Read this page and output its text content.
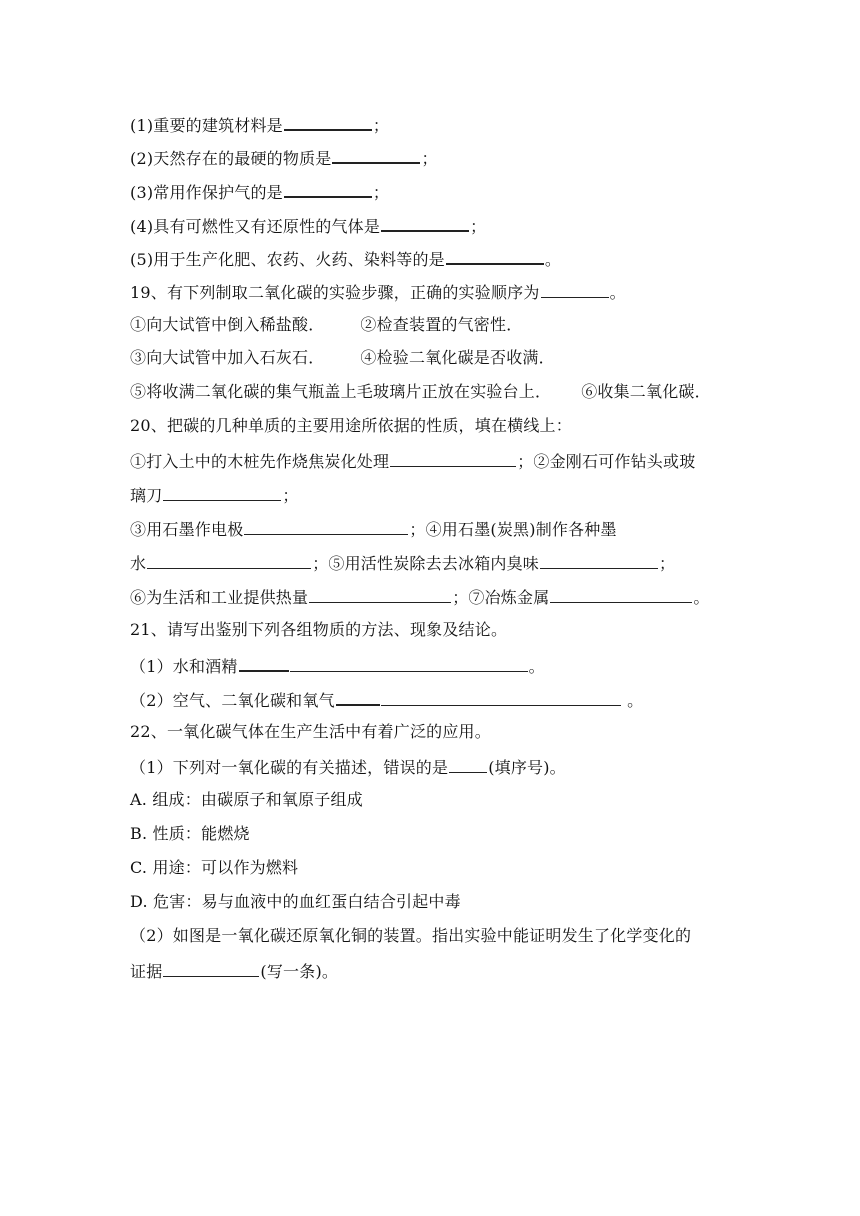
(1)重要的建筑材料是	；
(2)天然存在的最硬的物质是	；
(3)常用作保护气的是	；
(4)具有可燃性又有还原性的气体是	；
(5)用于生产化肥、农药、火药、染料等的是	。
19、有下列制取二氧化碳的实验步骤，正确的实验顺序为	。
①向大试管中倒入稀盐酸． ②检查装置的气密性．
③向大试管中加入石灰石． ④检验二氧化碳是否收满．
⑤将收满二氧化碳的集气瓶盖上毛玻璃片正放在实验台上． ⑥收集二氧化碳．
20、把碳的几种单质的主要用途所依据的性质，填在横线上：
①打入土中的木桩先作烧焦炭化处理	；②金刚石可作钻头或玻
璃刀	；
③用石墨作电极	；④用石墨(炭黑)制作各种墨
水	；⑤用活性炭除去去冰箱内臭味	；
⑥为生活和工业提供热量	；⑦冶炼金属	。
21、请写出鉴别下列各组物质的方法、现象及结论。
（1）水和酒精	。
（2）空气、二氧化碳和氧气	。
22、一氧化碳气体在生产生活中有着广泛的应用。
（1）下列对一氧化碳的有关描述，错误的是	(填序号)。
A. 组成：由碳原子和氧原子组成
B. 性质：能燃烧
C. 用途：可以作为燃料
D. 危害：易与血液中的血红蛋白结合引起中毒
（2）如图是一氧化碳还原氧化铜的装置。指出实验中能证明发生了化学变化的
证据	(写一条)。
